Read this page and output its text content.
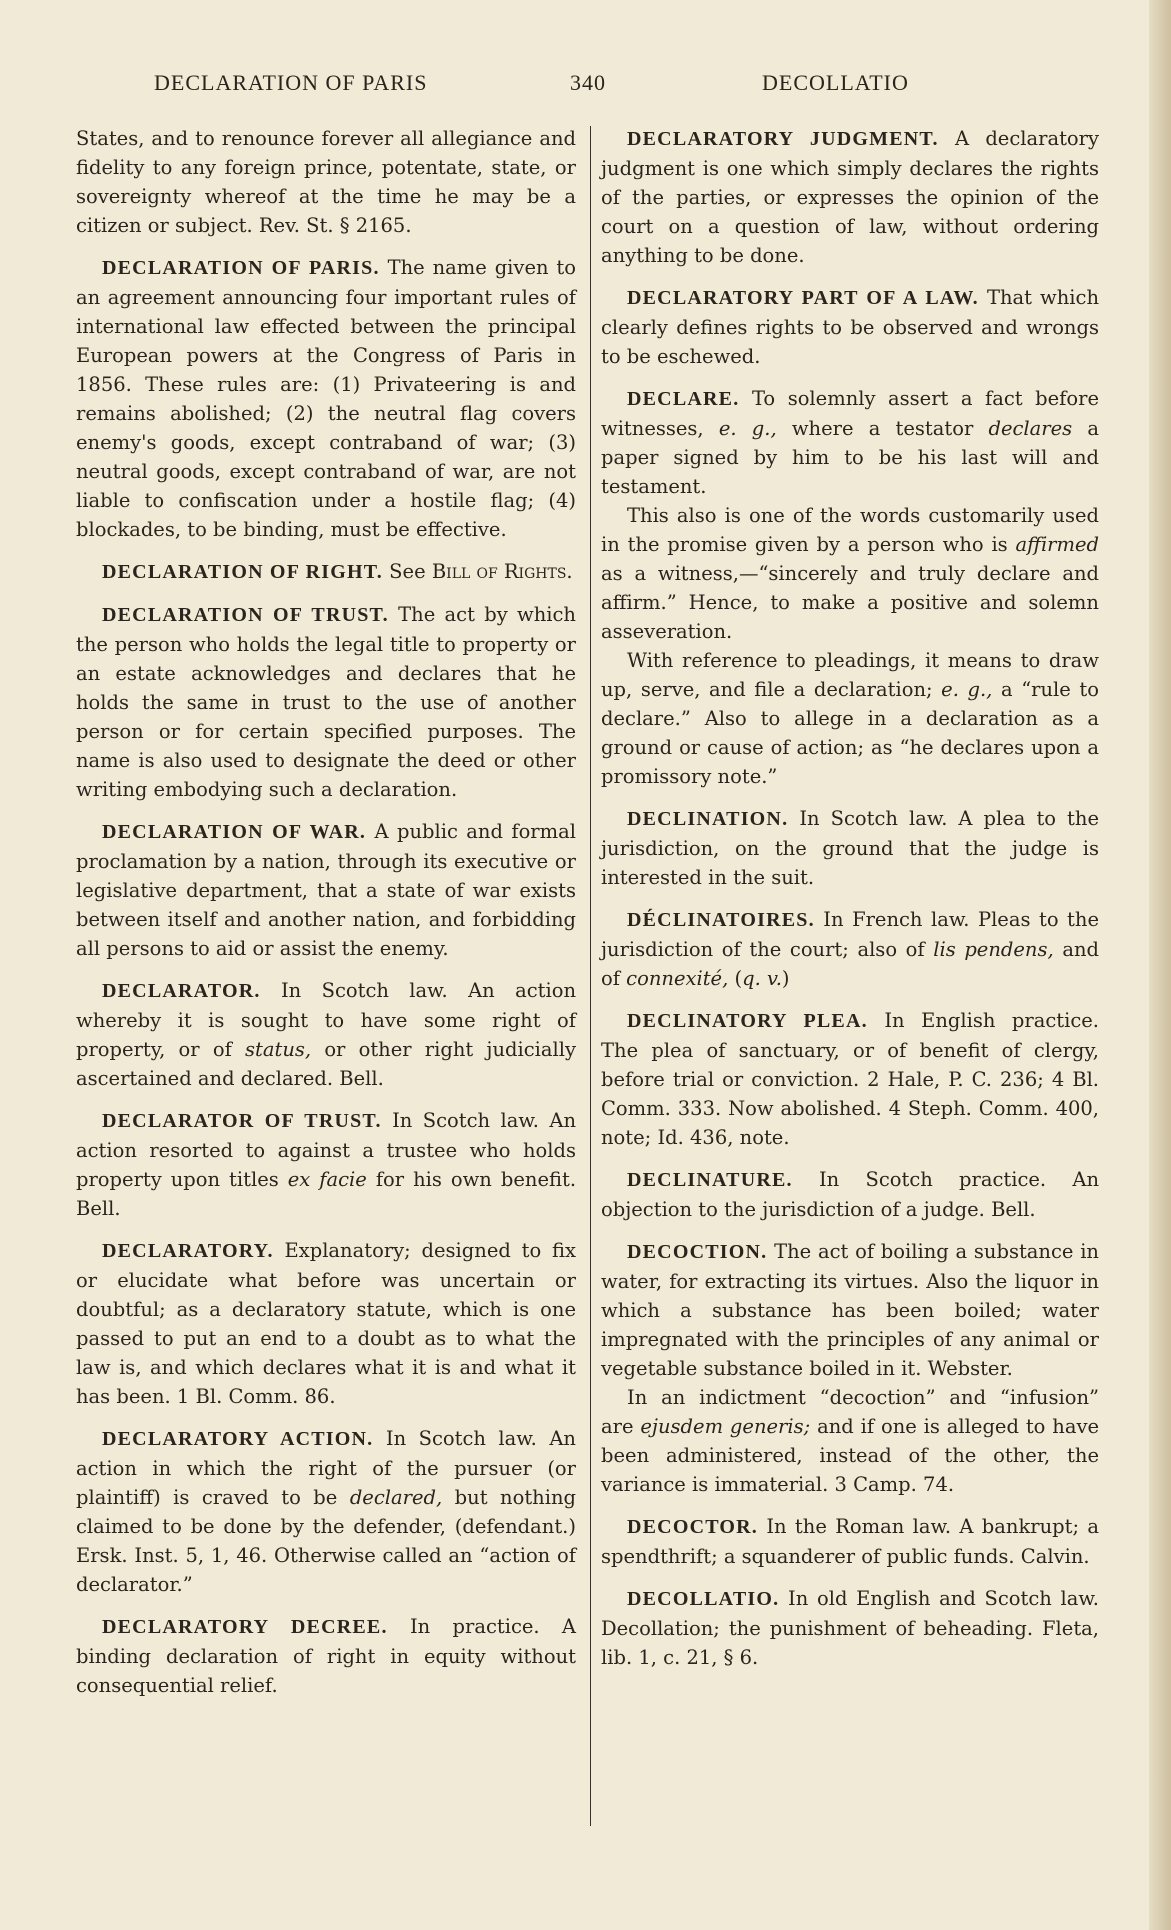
DECLARATION OF PARIS	340	DECOLLATIO

States, and to renounce forever all allegiance and fidelity to any foreign prince, potentate, state, or sovereignty whereof at the time he may be a citizen or subject. Rev. St. § 2165.

DECLARATION OF PARIS. The name given to an agreement announcing four important rules of international law effected between the principal European powers at the Congress of Paris in 1856. These rules are: (1) Privateering is and remains abolished; (2) the neutral flag covers enemy's goods, except contraband of war; (3) neutral goods, except contraband of war, are not liable to confiscation under a hostile flag; (4) blockades, to be binding, must be effective.

DECLARATION OF RIGHT. See Bill of Rights.

DECLARATION OF TRUST. The act by which the person who holds the legal title to property or an estate acknowledges and declares that he holds the same in trust to the use of another person or for certain specified purposes. The name is also used to designate the deed or other writing embodying such a declaration.

DECLARATION OF WAR. A public and formal proclamation by a nation, through its executive or legislative department, that a state of war exists between itself and another nation, and forbidding all persons to aid or assist the enemy.

DECLARATOR. In Scotch law. An action whereby it is sought to have some right of property, or of status, or other right judicially ascertained and declared. Bell.

DECLARATOR OF TRUST. In Scotch law. An action resorted to against a trustee who holds property upon titles ex facie for his own benefit. Bell.

DECLARATORY. Explanatory; designed to fix or elucidate what before was uncertain or doubtful; as a declaratory statute, which is one passed to put an end to a doubt as to what the law is, and which declares what it is and what it has been. 1 Bl. Comm. 86.

DECLARATORY ACTION. In Scotch law. An action in which the right of the pursuer (or plaintiff) is craved to be declared, but nothing claimed to be done by the defender, (defendant.) Ersk. Inst. 5, 1, 46. Otherwise called an “action of declarator.”

DECLARATORY DECREE. In practice. A binding declaration of right in equity without consequential relief.

DECLARATORY JUDGMENT. A declaratory judgment is one which simply declares the rights of the parties, or expresses the opinion of the court on a question of law, without ordering anything to be done.

DECLARATORY PART OF A LAW. That which clearly defines rights to be observed and wrongs to be eschewed.

DECLARE. To solemnly assert a fact before witnesses, e. g., where a testator declares a paper signed by him to be his last will and testament.

This also is one of the words customarily used in the promise given by a person who is affirmed as a witness,—“sincerely and truly declare and affirm.” Hence, to make a positive and solemn asseveration.

With reference to pleadings, it means to draw up, serve, and file a declaration; e. g., a “rule to declare.” Also to allege in a declaration as a ground or cause of action; as “he declares upon a promissory note.”

DECLINATION. In Scotch law. A plea to the jurisdiction, on the ground that the judge is interested in the suit.

DÉCLINATOIRES. In French law. Pleas to the jurisdiction of the court; also of lis pendens, and of connexité, (q. v.)

DECLINATORY PLEA. In English practice. The plea of sanctuary, or of benefit of clergy, before trial or conviction. 2 Hale, P. C. 236; 4 Bl. Comm. 333. Now abolished. 4 Steph. Comm. 400, note; Id. 436, note.

DECLINATURE. In Scotch practice. An objection to the jurisdiction of a judge. Bell.

DECOCTION. The act of boiling a substance in water, for extracting its virtues. Also the liquor in which a substance has been boiled; water impregnated with the principles of any animal or vegetable substance boiled in it. Webster.

In an indictment “decoction” and “infusion” are ejusdem generis; and if one is alleged to have been administered, instead of the other, the variance is immaterial. 3 Camp. 74.

DECOCTOR. In the Roman law. A bankrupt; a spendthrift; a squanderer of public funds. Calvin.

DECOLLATIO. In old English and Scotch law. Decollation; the punishment of beheading. Fleta, lib. 1, c. 21, § 6.
